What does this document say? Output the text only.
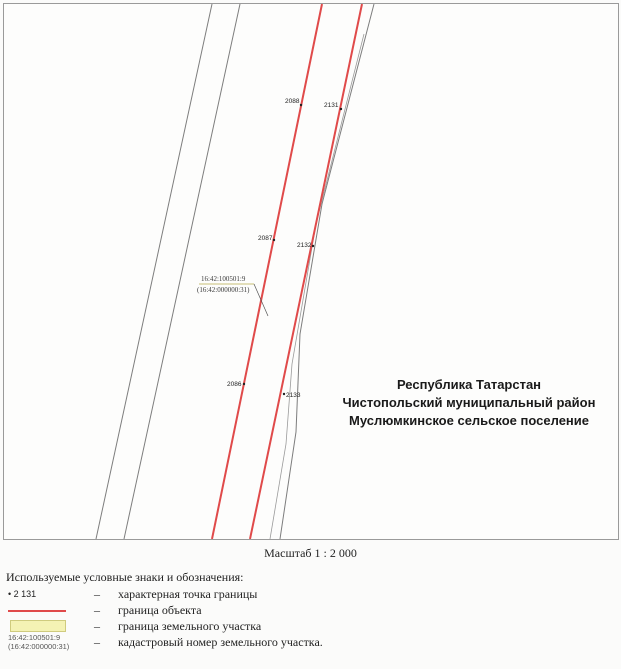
2088
2131
2087
2132
2086
2133
16:42:100501:9
(16:42:000000:31)
Республика Татарстан
Чистопольский муниципальный район
Муслюмкинское сельское поселение
Масштаб 1 : 2 000
Используемые условные знаки и обозначения:
• 2 131	– характерная точка границы
– граница объекта
– граница земельного участка
16:42:100501:9
(16:42:000000:31) – кадастровый номер земельного участка.
